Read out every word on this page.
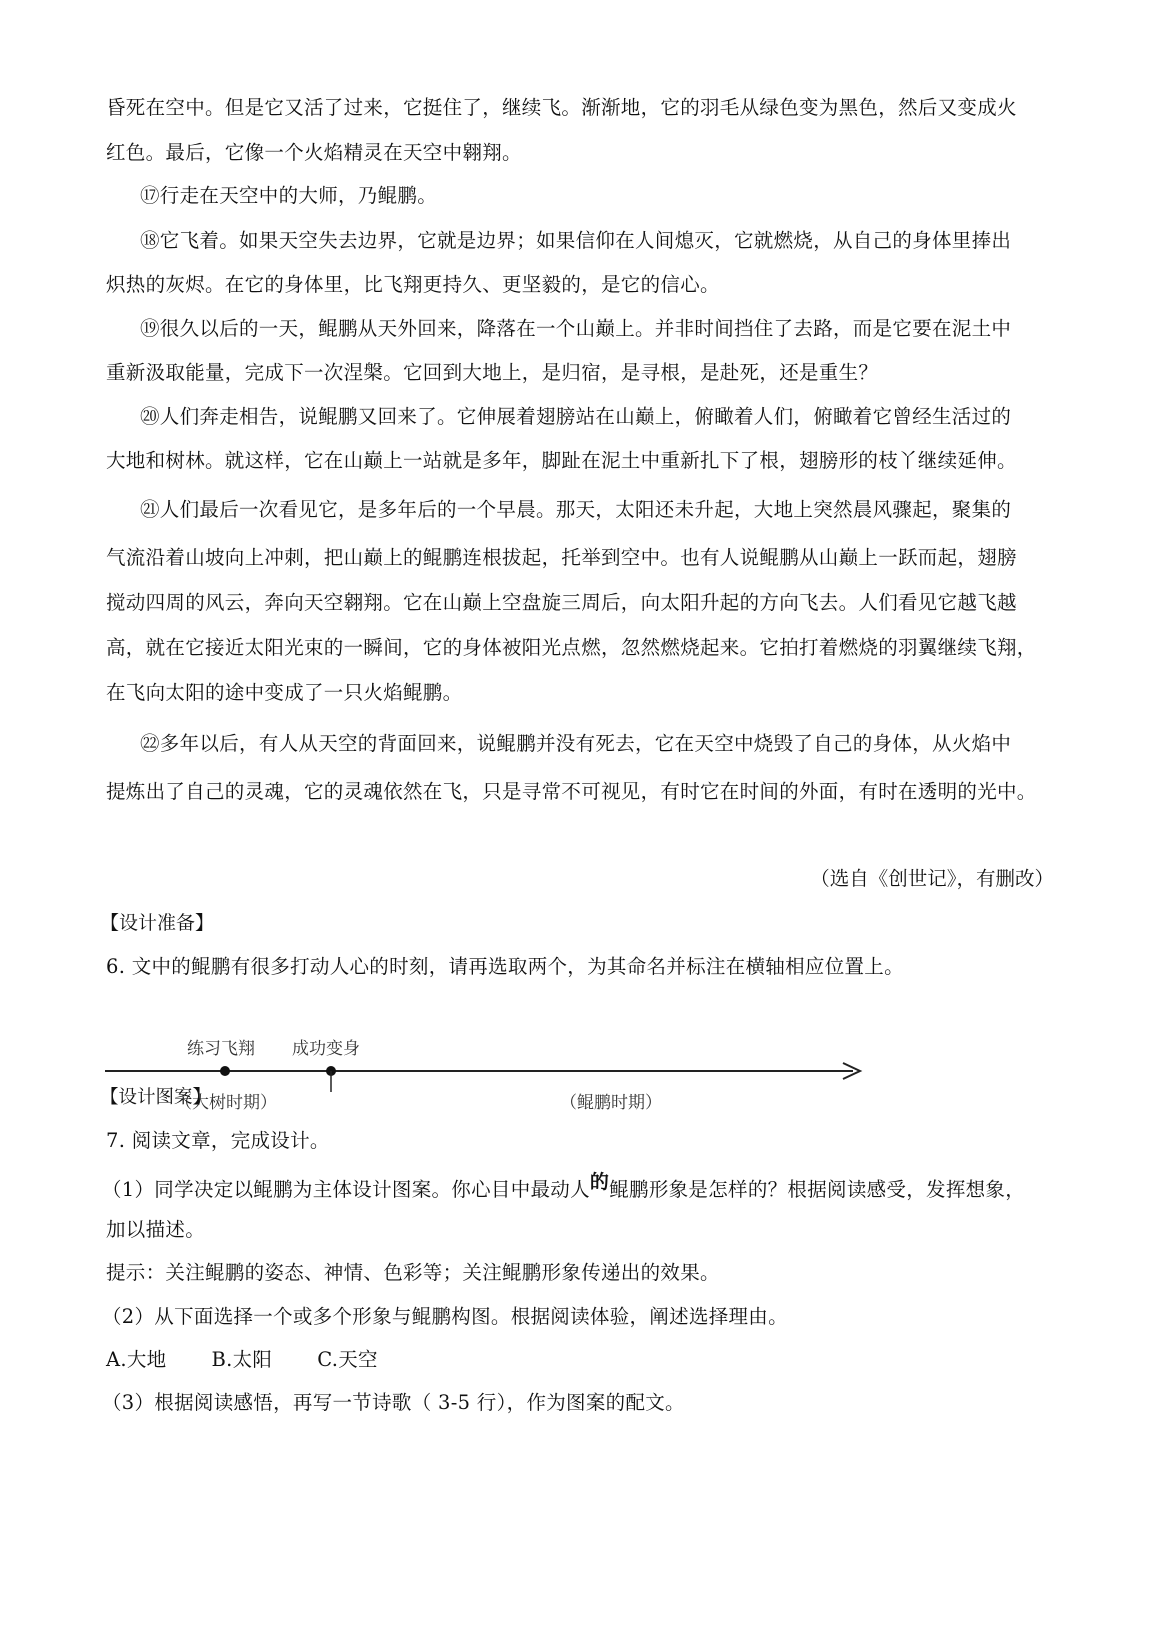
昏死在空中。但是它又活了过来，它挺住了，继续飞。渐渐地，它的羽毛从绿色变为黑色，然后又变成火
红色。最后，它像一个火焰精灵在天空中翱翔。
⑰行走在天空中的大师，乃鲲鹏。
⑱它飞着。如果天空失去边界，它就是边界；如果信仰在人间熄灭，它就燃烧，从自己的身体里捧出
炽热的灰烬。在它的身体里，比飞翔更持久、更坚毅的，是它的信心。
⑲很久以后的一天，鲲鹏从天外回来，降落在一个山巅上。并非时间挡住了去路，而是它要在泥土中
重新汲取能量，完成下一次涅槃。它回到大地上，是归宿，是寻根，是赴死，还是重生？
⑳人们奔走相告，说鲲鹏又回来了。它伸展着翅膀站在山巅上，俯瞰着人们，俯瞰着它曾经生活过的
大地和树林。就这样，它在山巅上一站就是多年，脚趾在泥土中重新扎下了根，翅膀形的枝丫继续延伸。
㉑人们最后一次看见它，是多年后的一个早晨。那天，太阳还未升起，大地上突然晨风骤起，聚集的
气流沿着山坡向上冲刺，把山巅上的鲲鹏连根拔起，托举到空中。也有人说鲲鹏从山巅上一跃而起，翅膀
搅动四周的风云，奔向天空翱翔。它在山巅上空盘旋三周后，向太阳升起的方向飞去。人们看见它越飞越
高，就在它接近太阳光束的一瞬间，它的身体被阳光点燃，忽然燃烧起来。它拍打着燃烧的羽翼继续飞翔，
在飞向太阳的途中变成了一只火焰鲲鹏。
㉒多年以后，有人从天空的背面回来，说鲲鹏并没有死去，它在天空中烧毁了自己的身体，从火焰中
提炼出了自己的灵魂，它的灵魂依然在飞，只是寻常不可视见，有时它在时间的外面，有时在透明的光中。
（选自《创世记》，有删改）
【设计准备】
6. 文中的鲲鹏有很多打动人心的时刻，请再选取两个，为其命名并标注在横轴相应位置上。
练习飞翔 成功变身
（大树时期）	（鲲鹏时期）
【设计图案】
7. 阅读文章，完成设计。
（1）同学决定以鲲鹏为主体设计图案。你心目中最动人的鲲鹏形象是怎样的？根据阅读感受，发挥想象，
加以描述。
提示：关注鲲鹏的姿态、神情、色彩等；关注鲲鹏形象传递出的效果。
（2）从下面选择一个或多个形象与鲲鹏构图。根据阅读体验，阐述选择理由。
A.大地 B.太阳 C.天空
（3）根据阅读感悟，再写一节诗歌（ 3-5 行），作为图案的配文。
